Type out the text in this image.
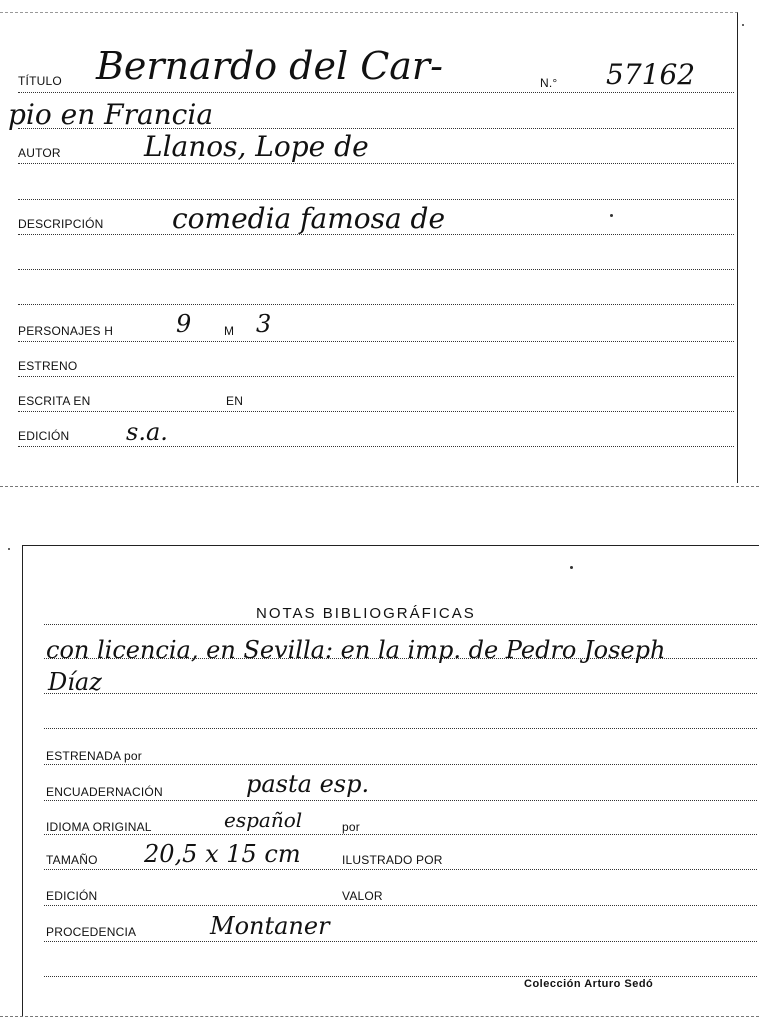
TÍTULO Bernardo del Car-	N.° 57162
pio en Francia
AUTOR	Llanos, Lope de
DESCRIPCIÓN comedia famosa de
PERSONAJES H	9	M 3
ESTRENO
ESCRITA EN	EN
EDICIÓN s.a.
NOTAS BIBLIOGRÁFICAS
con licencia, en Sevilla: en la imp. de Pedro Joseph
Díaz
ESTRENADA por
ENCUADERNACIÓN	pasta esp.
IDIOMA ORIGINAL	español	por
TAMAÑO 20,5 x 15 cm	ILUSTRADO POR
EDICIÓN	VALOR
PROCEDENCIA	Montaner
Colección Arturo Sedó
